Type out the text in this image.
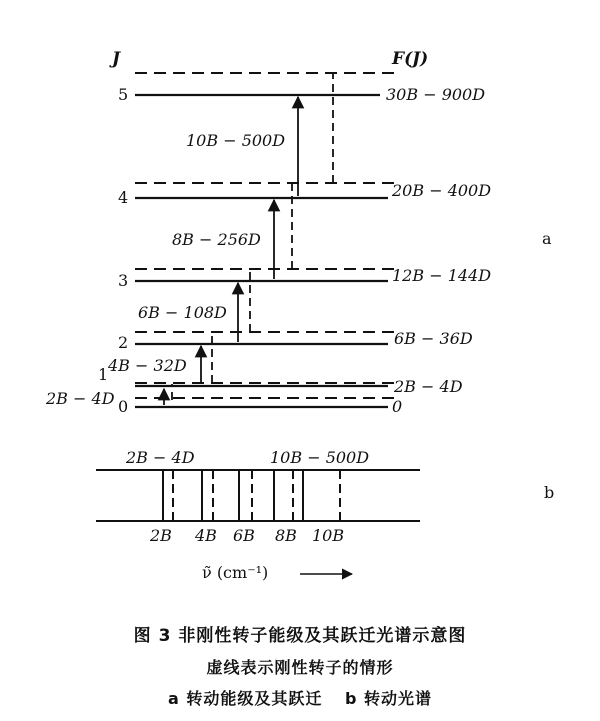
J	F(J)
0
1
2
3
4
5
0
2B − 4D
6B − 36D
12B − 144D
20B − 400D
30B − 900D
2B − 4D
4B − 32D
6B − 108D
8B − 256D
10B − 500D
a
b
2B − 4D	10B − 500D
2B 4B 6B 8B 10B
ν̃ (cm⁻¹)
图 3 非刚性转子能级及其跃迁光谱示意图
虚线表示刚性转子的情形
a 转动能级及其跃迁 b 转动光谱
